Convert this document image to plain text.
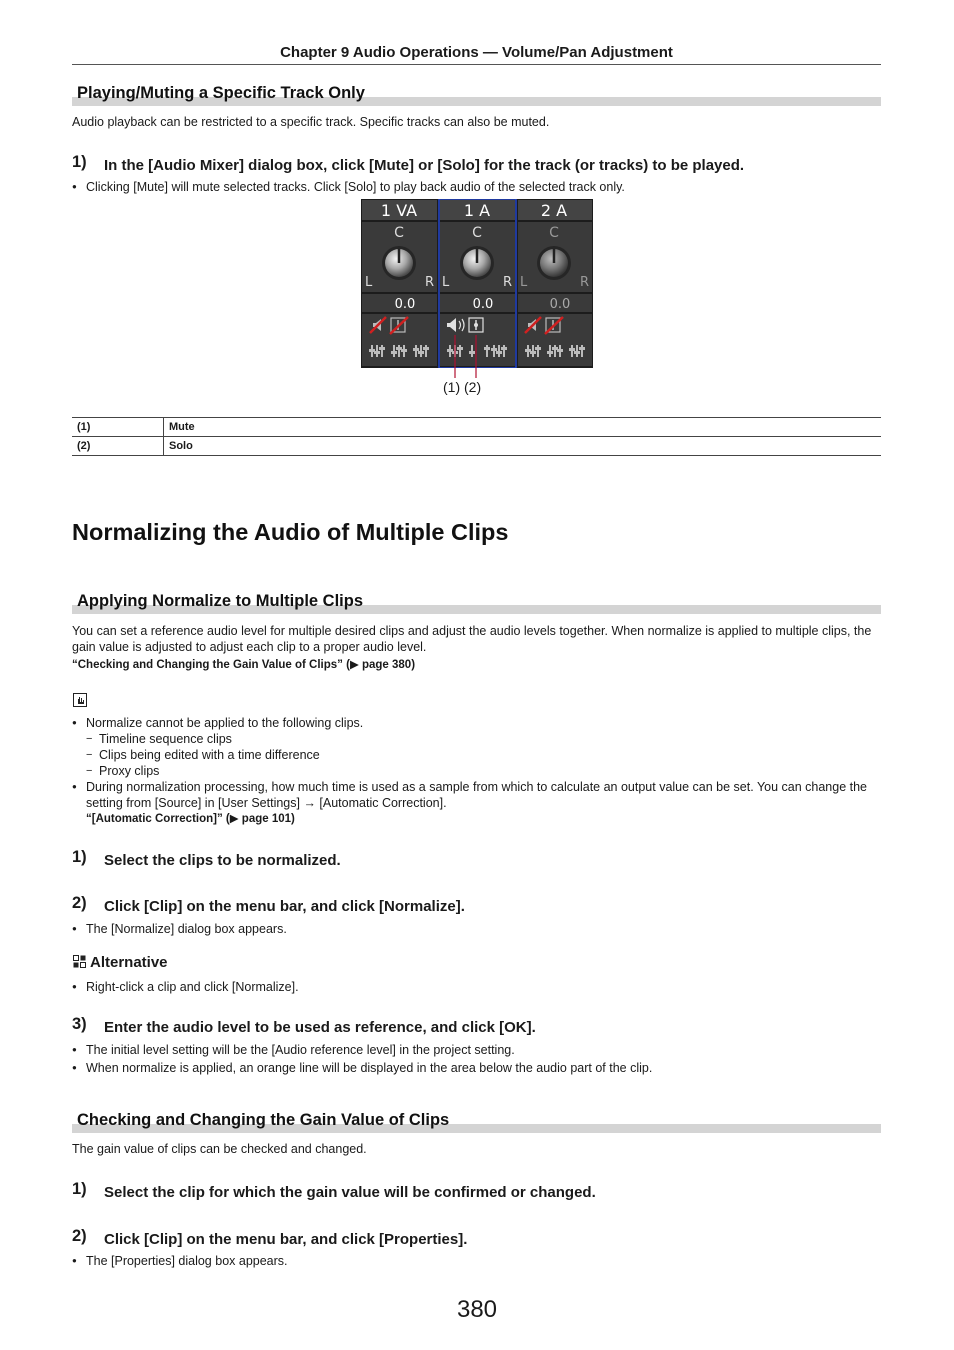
Chapter 9 Audio Operations — Volume/Pan Adjustment
Playing/Muting a Specific Track Only
Audio playback can be restricted to a specific track. Specific tracks can also be muted.
1) In the [Audio Mixer] dialog box, click [Mute] or [Solo] for the track (or tracks) to be played.
● Clicking [Mute] will mute selected tracks. Click [Solo] to play back audio of the selected track only.
1 VA
C
L	R
0.0
1 A
C
L	R
0.0
2 A
C
L	R
0.0
(1) (2)
(1)	Mute
(2)	Solo
Normalizing the Audio of Multiple Clips
Applying Normalize to Multiple Clips
You can set a reference audio level for multiple desired clips and adjust the audio levels together. When normalize is applied to multiple clips, the gain value is adjusted to adjust each clip to a proper audio level.
“Checking and Changing the Gain Value of Clips” (▶ page 380)
● Normalize cannot be applied to the following clips.
− Timeline sequence clips
− Clips being edited with a time difference
− Proxy clips
● During normalization processing, how much time is used as a sample from which to calculate an output value can be set. You can change the setting from [Source] in [User Settings] → [Automatic Correction].
“[Automatic Correction]” (▶ page 101)
1) Select the clips to be normalized.
2) Click [Clip] on the menu bar, and click [Normalize].
● The [Normalize] dialog box appears.
Alternative
● Right-click a clip and click [Normalize].
3) Enter the audio level to be used as reference, and click [OK].
● The initial level setting will be the [Audio reference level] in the project setting.
● When normalize is applied, an orange line will be displayed in the area below the audio part of the clip.
Checking and Changing the Gain Value of Clips
The gain value of clips can be checked and changed.
1) Select the clip for which the gain value will be confirmed or changed.
2) Click [Clip] on the menu bar, and click [Properties].
● The [Properties] dialog box appears.
380
